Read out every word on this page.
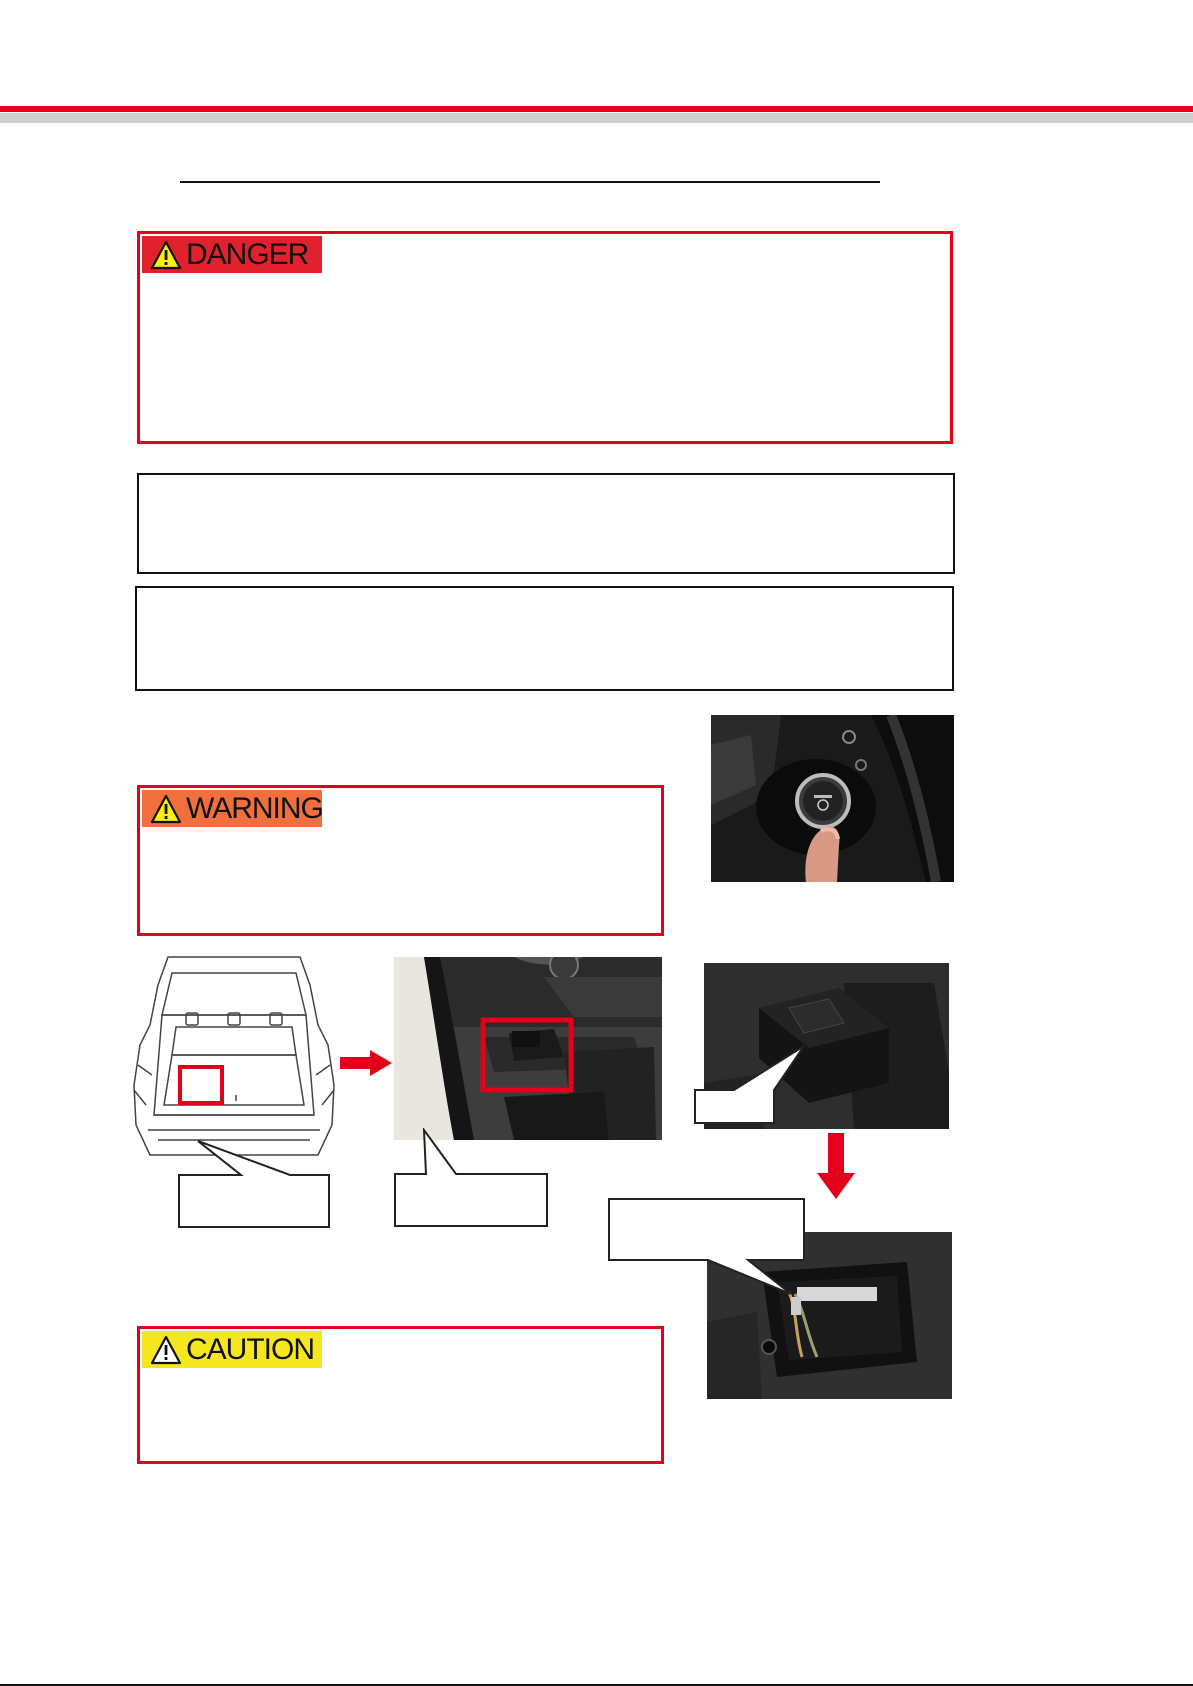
DANGER
WARNING
CAUTION
